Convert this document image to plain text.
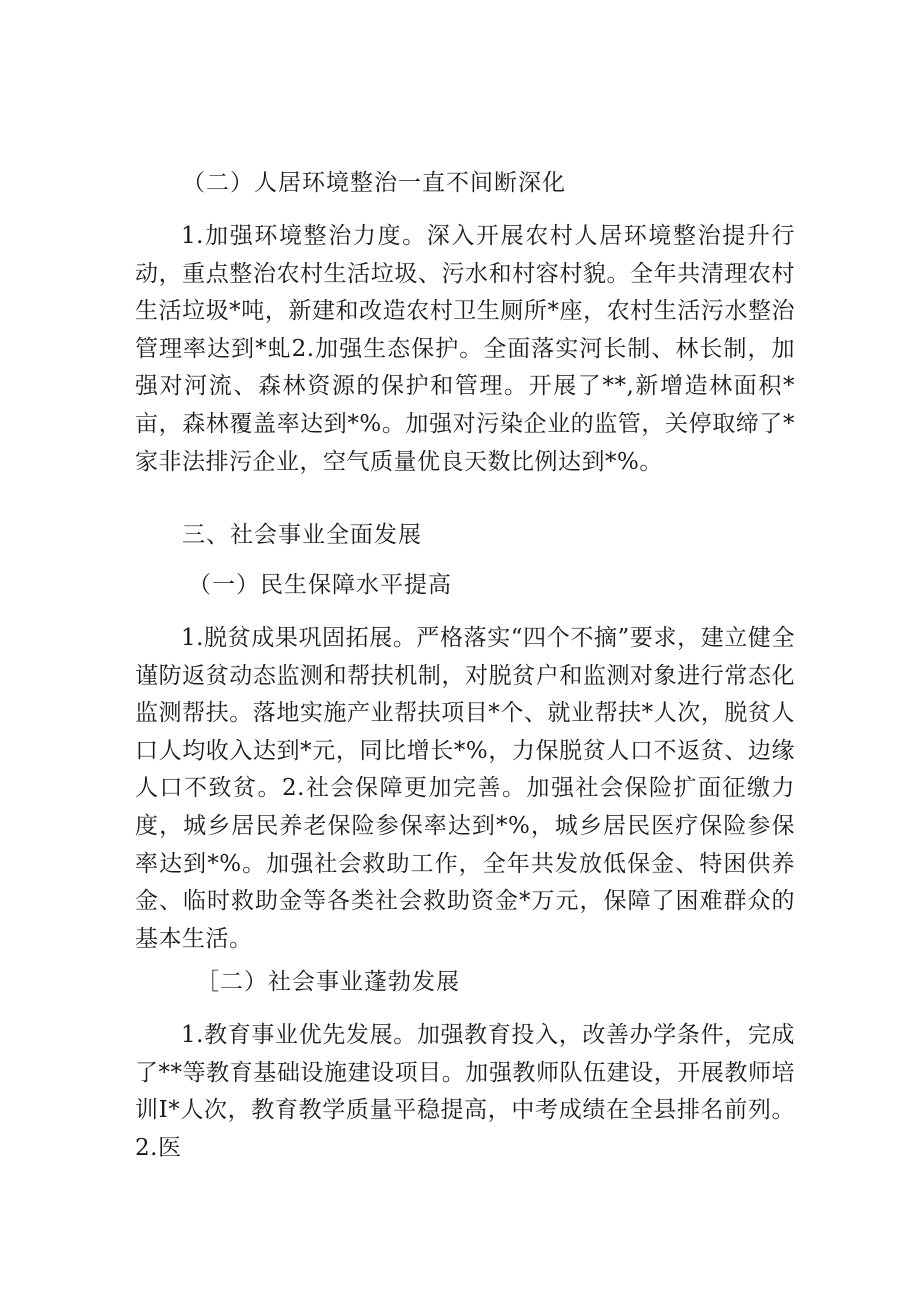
（二）人居环境整治一直不间断深化
1.加强环境整治力度。深入开展农村人居环境整治提升行动，重点整治农村生活垃圾、污水和村容村貌。全年共清理农村生活垃圾*吨，新建和改造农村卫生厕所*座，农村生活污水整治管理率达到*虬2.加强生态保护。全面落实河长制、林长制，加强对河流、森林资源的保护和管理。开展了**,新增造林面积*亩，森林覆盖率达到*%。加强对污染企业的监管，关停取缔了*家非法排污企业，空气质量优良天数比例达到*%。
三、社会事业全面发展
（一）民生保障水平提高
1.脱贫成果巩固拓展。严格落实“四个不摘”要求，建立健全谨防返贫动态监测和帮扶机制，对脱贫户和监测对象进行常态化监测帮扶。落地实施产业帮扶项目*个、就业帮扶*人次，脱贫人口人均收入达到*元，同比增长*%，力保脱贫人口不返贫、边缘人口不致贫。2.社会保障更加完善。加强社会保险扩面征缴力度，城乡居民养老保险参保率达到*%，城乡居民医疗保险参保率达到*%。加强社会救助工作，全年共发放低保金、特困供养金、临时救助金等各类社会救助资金*万元，保障了困难群众的基本生活。
［二）社会事业蓬勃发展
1.教育事业优先发展。加强教育投入，改善办学条件，完成了**等教育基础设施建设项目。加强教师队伍建设，开展教师培训I*人次，教育教学质量平稳提高，中考成绩在全县排名前列。2.医
